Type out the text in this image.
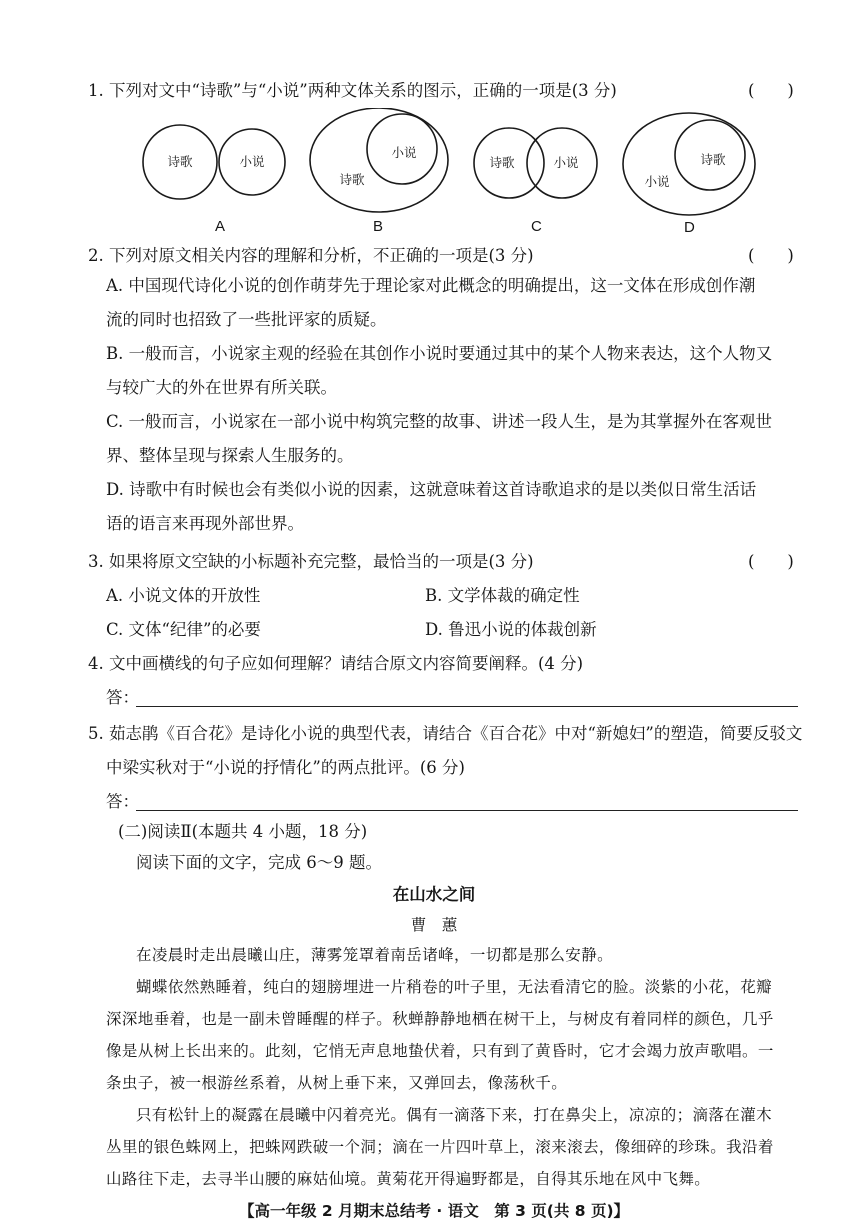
1. 下列对文中“诗歌”与“小说”两种文体关系的图示，正确的一项是(3 分)	(　　)
诗歌	小说
小说
诗歌
诗歌	小说	诗歌
小说
A	B	C	D
2. 下列对原文相关内容的理解和分析，不正确的一项是(3 分)	(　　)
A. 中国现代诗化小说的创作萌芽先于理论家对此概念的明确提出，这一文体在形成创作潮
流的同时也招致了一些批评家的质疑。
B. 一般而言，小说家主观的经验在其创作小说时要通过其中的某个人物来表达，这个人物又
与较广大的外在世界有所关联。
C. 一般而言，小说家在一部小说中构筑完整的故事、讲述一段人生，是为其掌握外在客观世
界、整体呈现与探索人生服务的。
D. 诗歌中有时候也会有类似小说的因素，这就意味着这首诗歌追求的是以类似日常生活话
语的语言来再现外部世界。
3. 如果将原文空缺的小标题补充完整，最恰当的一项是(3 分)	(　　)
A. 小说文体的开放性	B. 文学体裁的确定性
C. 文体“纪律”的必要	D. 鲁迅小说的体裁创新
4. 文中画横线的句子应如何理解？请结合原文内容简要阐释。(4 分)
答：
5. 茹志鹃《百合花》是诗化小说的典型代表，请结合《百合花》中对“新媳妇”的塑造，简要反驳文
中梁实秋对于“小说的抒情化”的两点批评。(6 分)
答：
(二)阅读Ⅱ(本题共 4 小题，18 分)
阅读下面的文字，完成 6～9 题。
在山水之间
曹　蕙
在凌晨时走出晨曦山庄，薄雾笼罩着南岳诸峰，一切都是那么安静。
蝴蝶依然熟睡着，纯白的翅膀埋进一片稍卷的叶子里，无法看清它的脸。淡紫的小花，花瓣
深深地垂着，也是一副未曾睡醒的样子。秋蝉静静地栖在树干上，与树皮有着同样的颜色，几乎
像是从树上长出来的。此刻，它悄无声息地蛰伏着，只有到了黄昏时，它才会竭力放声歌唱。一
条虫子，被一根游丝系着，从树上垂下来，又弹回去，像荡秋千。
只有松针上的凝露在晨曦中闪着亮光。偶有一滴落下来，打在鼻尖上，凉凉的；滴落在灌木
丛里的银色蛛网上，把蛛网跌破一个洞；滴在一片四叶草上，滚来滚去，像细碎的珍珠。我沿着
山路往下走，去寻半山腰的麻姑仙境。黄菊花开得遍野都是，自得其乐地在风中飞舞。
【高一年级 2 月期末总结考 · 语文　第 3 页(共 8 页)】
